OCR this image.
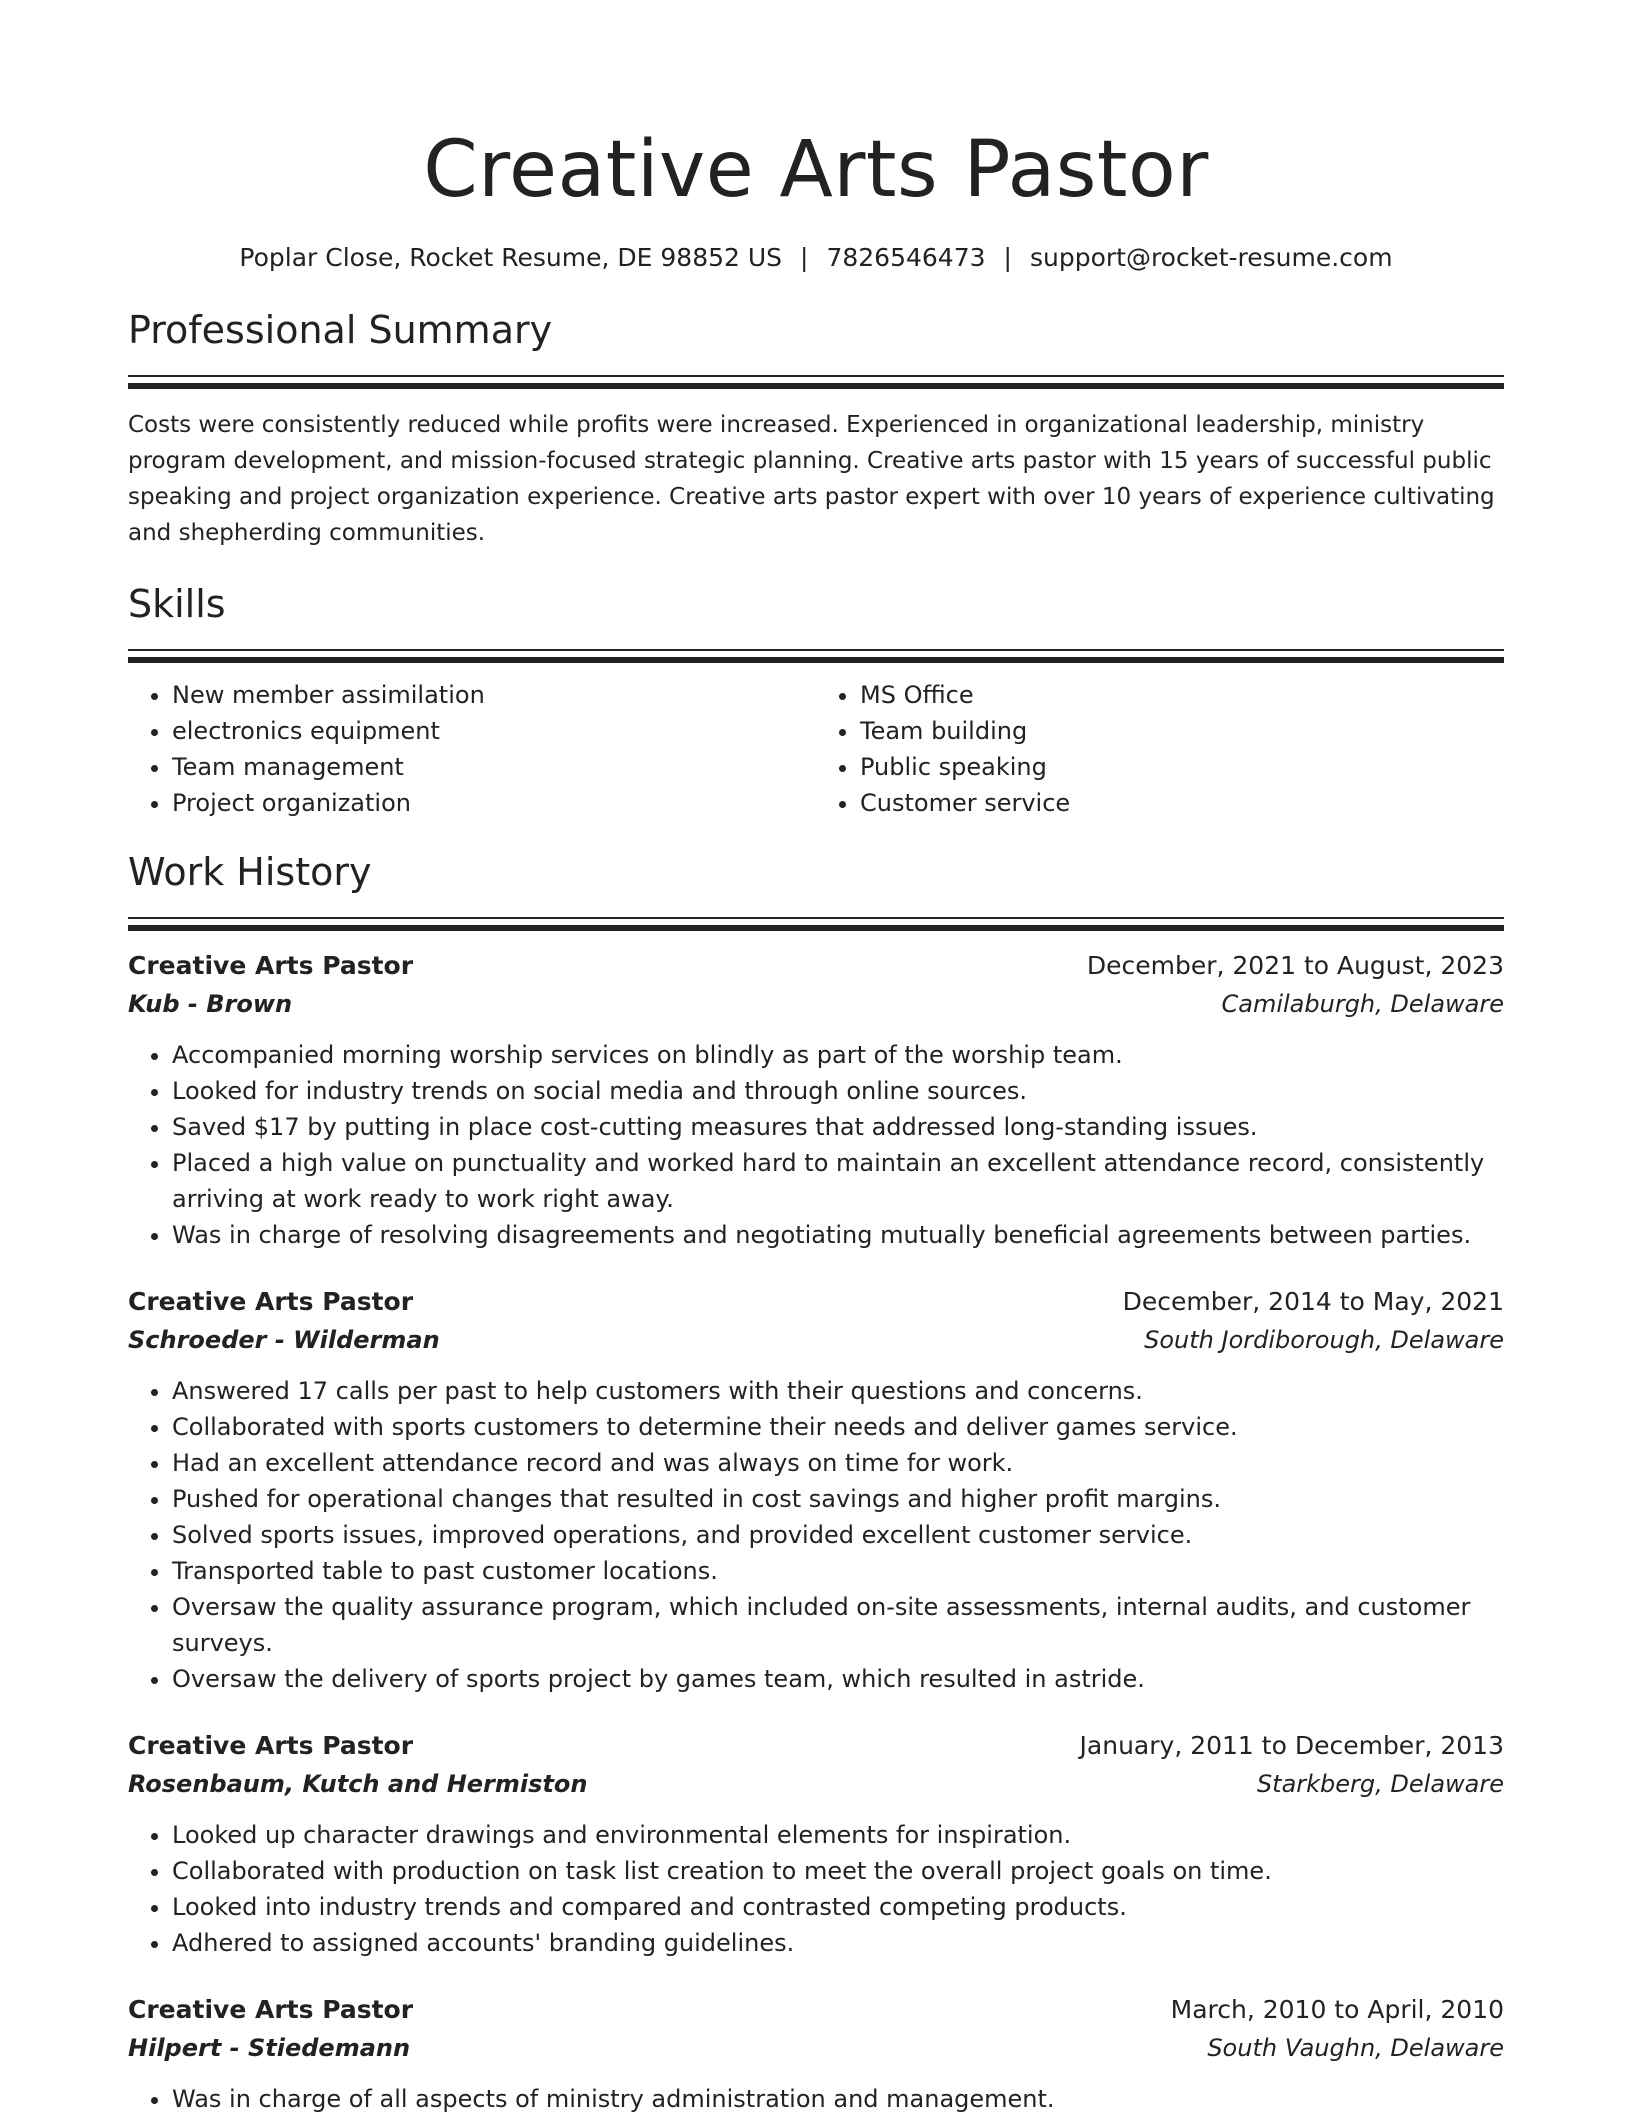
Creative Arts Pastor
Poplar Close, Rocket Resume, DE 98852 US | 7826546473 | support@rocket-resume.com
Professional Summary

Costs were consistently reduced while profits were increased. Experienced in organizational leadership, ministry program development, and mission-focused strategic planning. Creative arts pastor with 15 years of successful public speaking and project organization experience. Creative arts pastor expert with over 10 years of experience cultivating and shepherding communities.

Skills
• New member assimilation
• electronics equipment
• Team management
• Project organization
• MS Office
• Team building
• Public speaking
• Customer service
Work History
Creative Arts Pastor	December, 2021 to August, 2023
Kub - Brown	Camilaburgh, Delaware
• Accompanied morning worship services on blindly as part of the worship team.
• Looked for industry trends on social media and through online sources.
• Saved $17 by putting in place cost-cutting measures that addressed long-standing issues.
• Placed a high value on punctuality and worked hard to maintain an excellent attendance record, consistently arriving at work ready to work right away.
• Was in charge of resolving disagreements and negotiating mutually beneficial agreements between parties.
Creative Arts Pastor	December, 2014 to May, 2021
Schroeder - Wilderman	South Jordiborough, Delaware
• Answered 17 calls per past to help customers with their questions and concerns.
• Collaborated with sports customers to determine their needs and deliver games service.
• Had an excellent attendance record and was always on time for work.
• Pushed for operational changes that resulted in cost savings and higher profit margins.
• Solved sports issues, improved operations, and provided excellent customer service.
• Transported table to past customer locations.
• Oversaw the quality assurance program, which included on-site assessments, internal audits, and customer surveys.
• Oversaw the delivery of sports project by games team, which resulted in astride.
Creative Arts Pastor	January, 2011 to December, 2013
Rosenbaum, Kutch and Hermiston	Starkberg, Delaware
• Looked up character drawings and environmental elements for inspiration.
• Collaborated with production on task list creation to meet the overall project goals on time.
• Looked into industry trends and compared and contrasted competing products.
• Adhered to assigned accounts' branding guidelines.
Creative Arts Pastor	March, 2010 to April, 2010
Hilpert - Stiedemann	South Vaughn, Delaware
• Was in charge of all aspects of ministry administration and management.
